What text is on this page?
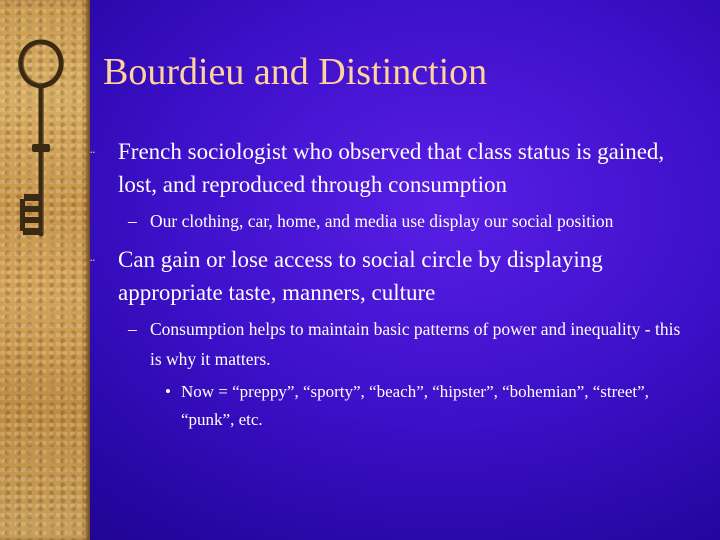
Bourdieu and Distinction
¨ French sociologist who observed that class status is gained, lost, and reproduced through consumption
– Our clothing, car, home, and media use display our social position
¨ Can gain or lose access to social circle by displaying appropriate taste, manners, culture
– Consumption helps to maintain basic patterns of power and inequality - this is why it matters.
• Now = “preppy”, “sporty”, “beach”, “hipster”, “bohemian”, “street”, “punk”, etc.
